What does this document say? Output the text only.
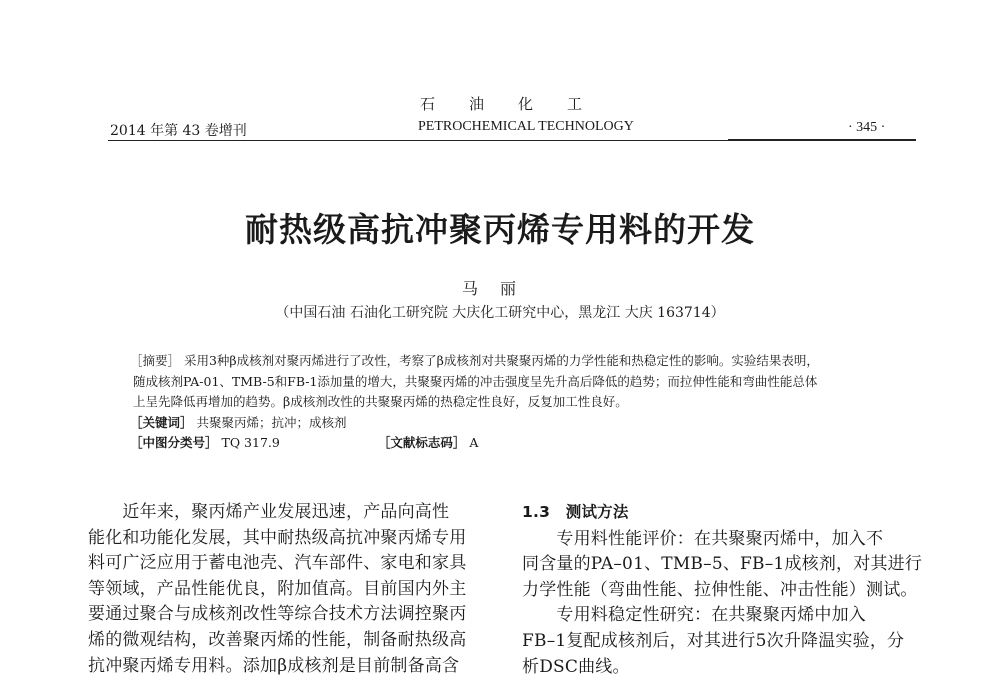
石油化工
2014 年第 43 卷增刊	PETROCHEMICAL TECHNOLOGY	· 345 ·
耐热级高抗冲聚丙烯专用料的开发
马丽
（中国石油 石油化工研究院 大庆化工研究中心，黑龙江 大庆 163714）
［摘要］ 采用3种β成核剂对聚丙烯进行了改性，考察了β成核剂对共聚聚丙烯的力学性能和热稳定性的影响。实验结果表明，
随成核剂PA-01、TMB-5和FB-1添加量的增大，共聚聚丙烯的冲击强度呈先升高后降低的趋势；而拉伸性能和弯曲性能总体
上呈先降低再增加的趋势。β成核剂改性的共聚聚丙烯的热稳定性良好，反复加工性良好。
［关键词］ 共聚聚丙烯；抗冲；成核剂
［中图分类号］ TQ 317.9	［文献标志码］ A
　　近年来，聚丙烯产业发展迅速，产品向高性
能化和功能化发展，其中耐热级高抗冲聚丙烯专用
料可广泛应用于蓄电池壳、汽车部件、家电和家具
等领域，产品性能优良，附加值高。目前国内外主
要通过聚合与成核剂改性等综合技术方法调控聚丙
烯的微观结构，改善聚丙烯的性能，制备耐热级高
抗冲聚丙烯专用料。添加β成核剂是目前制备高含
1.3　测试方法
　　专用料性能评价：在共聚聚丙烯中，加入不
同含量的PA–01、TMB–5、FB–1成核剂，对其进行
力学性能（弯曲性能、拉伸性能、冲击性能）测试。
　　专用料稳定性研究：在共聚聚丙烯中加入
FB–1复配成核剂后，对其进行5次升降温实验，分
析DSC曲线。
